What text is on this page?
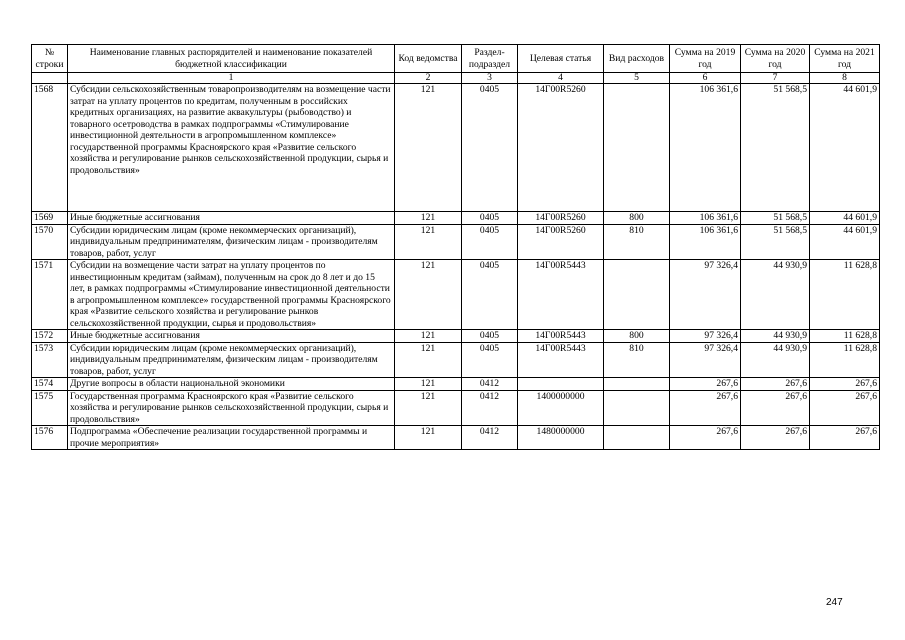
№ строки	Наименование главных распорядителей и наименование показателей бюджетной классификации	Код ведомства	Раздел-подраздел	Целевая статья	Вид расходов	Сумма на 2019 год	Сумма на 2020 год	Сумма на 2021 год
	1	2	3	4	5	6	7	8
1568	Субсидии сельскохозяйственным товаропроизводителям на возмещение части затрат на уплату процентов по кредитам, полученным в российских кредитных организациях, на развитие аквакультуры (рыбоводство) и товарного осетроводства в рамках подпрограммы «Стимулирование инвестиционной деятельности в агропромышленном комплексе» государственной программы Красноярского края «Развитие сельского хозяйства и регулирование рынков сельскохозяйственной продукции, сырья и продовольствия»	121	0405	14Г00R5260		106 361,6	51 568,5	44 601,9
1569	Иные бюджетные ассигнования	121	0405	14Г00R5260	800	106 361,6	51 568,5	44 601,9
1570	Субсидии юридическим лицам (кроме некоммерческих организаций), индивидуальным предпринимателям, физическим лицам - производителям товаров, работ, услуг	121	0405	14Г00R5260	810	106 361,6	51 568,5	44 601,9
1571	Субсидии на возмещение части затрат на уплату процентов по инвестиционным кредитам (займам), полученным на срок до 8 лет и до 15 лет, в рамках подпрограммы «Стимулирование инвестиционной деятельности в агропромышленном комплексе» государственной программы Красноярского края «Развитие сельского хозяйства и регулирование рынков сельскохозяйственной продукции, сырья и продовольствия»	121	0405	14Г00R5443		97 326,4	44 930,9	11 628,8
1572	Иные бюджетные ассигнования	121	0405	14Г00R5443	800	97 326,4	44 930,9	11 628,8
1573	Субсидии юридическим лицам (кроме некоммерческих организаций), индивидуальным предпринимателям, физическим лицам - производителям товаров, работ, услуг	121	0405	14Г00R5443	810	97 326,4	44 930,9	11 628,8
1574	Другие вопросы в области национальной экономики	121	0412			267,6	267,6	267,6
1575	Государственная программа Красноярского края «Развитие сельского хозяйства и регулирование рынков сельскохозяйственной продукции, сырья и продовольствия»	121	0412	1400000000		267,6	267,6	267,6
1576	Подпрограмма «Обеспечение реализации государственной программы и прочие мероприятия»	121	0412	1480000000		267,6	267,6	267,6
247
